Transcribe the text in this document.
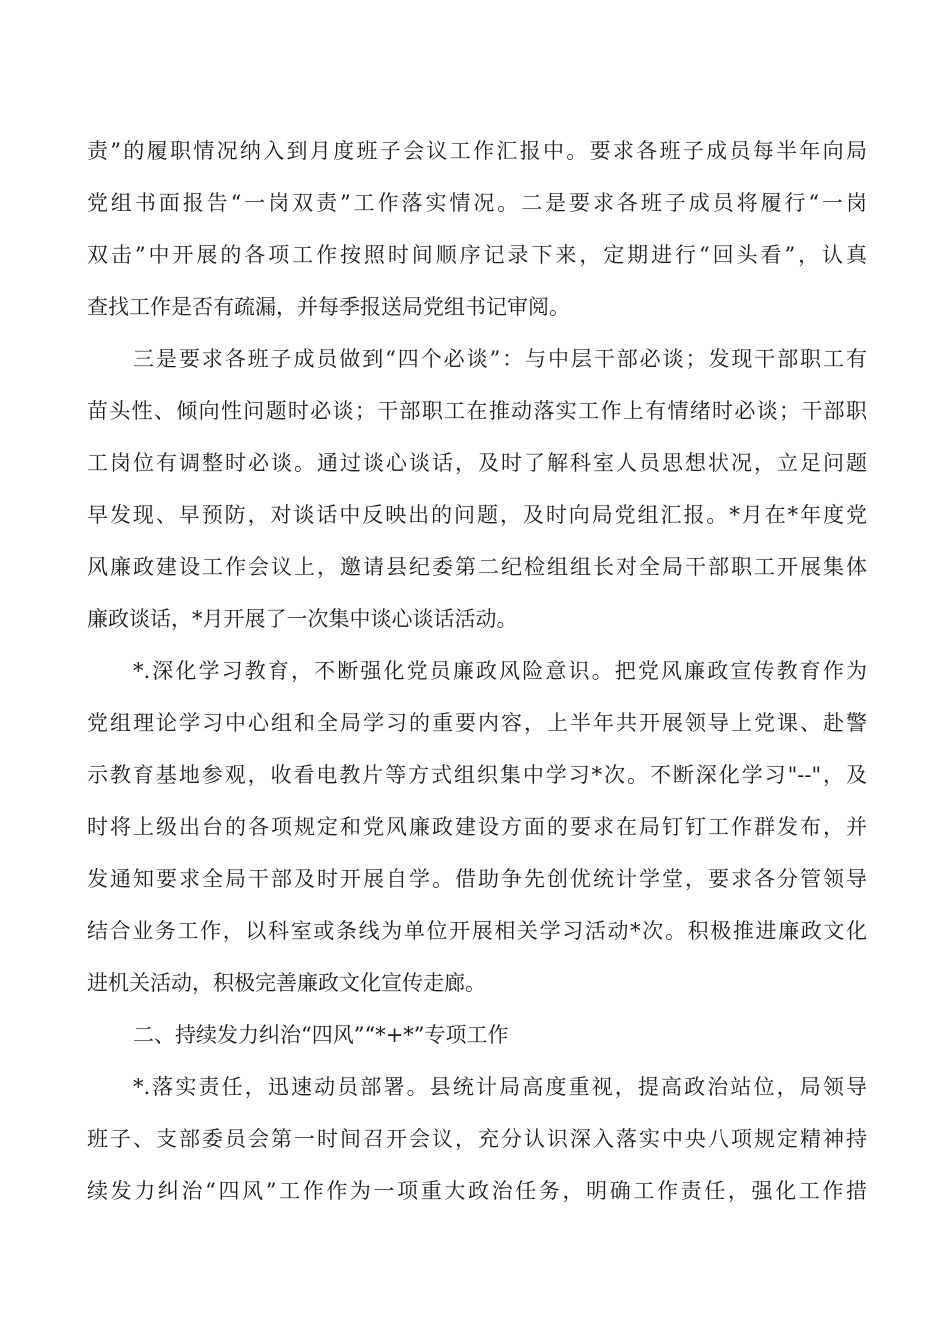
责”的履职情况纳入到月度班子会议工作汇报中。要求各班子成员每半年向局
党组书面报告“一岗双责”工作落实情况。二是要求各班子成员将履行“一岗
双击”中开展的各项工作按照时间顺序记录下来，定期进行“回头看”，认真
查找工作是否有疏漏，并每季报送局党组书记审阅。
三是要求各班子成员做到“四个必谈”：与中层干部必谈；发现干部职工有
苗头性、倾向性问题时必谈；干部职工在推动落实工作上有情绪时必谈；干部职
工岗位有调整时必谈。通过谈心谈话，及时了解科室人员思想状况，立足问题
早发现、早预防，对谈话中反映出的问题，及时向局党组汇报。*月在*年度党
风廉政建设工作会议上，邀请县纪委第二纪检组组长对全局干部职工开展集体
廉政谈话，*月开展了一次集中谈心谈话活动。
*.深化学习教育，不断强化党员廉政风险意识。把党风廉政宣传教育作为
党组理论学习中心组和全局学习的重要内容，上半年共开展领导上党课、赴警
示教育基地参观，收看电教片等方式组织集中学习*次。不断深化学习"--"，及
时将上级出台的各项规定和党风廉政建设方面的要求在局钉钉工作群发布，并
发通知要求全局干部及时开展自学。借助争先创优统计学堂，要求各分管领导
结合业务工作，以科室或条线为单位开展相关学习活动*次。积极推进廉政文化
进机关活动，积极完善廉政文化宣传走廊。
二、持续发力纠治“四风”“*+*”专项工作
*.落实责任，迅速动员部署。县统计局高度重视，提高政治站位，局领导
班子、支部委员会第一时间召开会议，充分认识深入落实中央八项规定精神持
续发力纠治“四风”工作作为一项重大政治任务，明确工作责任，强化工作措
